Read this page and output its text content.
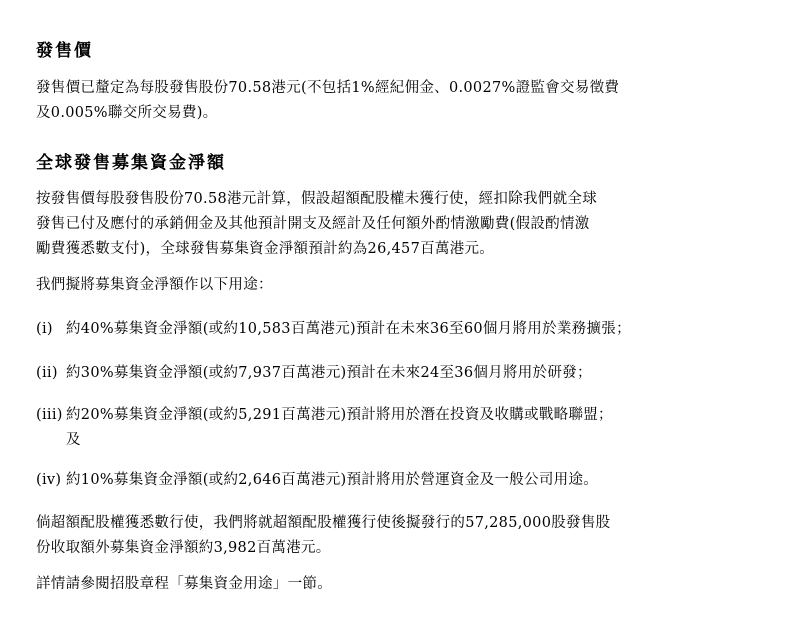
發售價
發售價已釐定為每股發售股份70.58港元(不包括1%經紀佣金、0.0027%證監會交易徵費
及0.005%聯交所交易費)。
全球發售募集資金淨額
按發售價每股發售股份70.58港元計算，假設超額配股權未獲行使，經扣除我們就全球
發售已付及應付的承銷佣金及其他預計開支及經計及任何額外酌情激勵費(假設酌情激
勵費獲悉數支付)，全球發售募集資金淨額預計約為26,457百萬港元。
我們擬將募集資金淨額作以下用途：
(i) 約40%募集資金淨額(或約10,583百萬港元)預計在未來36至60個月將用於業務擴張；
(ii) 約30%募集資金淨額(或約7,937百萬港元)預計在未來24至36個月將用於研發；
(iii) 約20%募集資金淨額(或約5,291百萬港元)預計將用於潛在投資及收購或戰略聯盟；
及
(iv) 約10%募集資金淨額(或約2,646百萬港元)預計將用於營運資金及一般公司用途。
倘超額配股權獲悉數行使，我們將就超額配股權獲行使後擬發行的57,285,000股發售股
份收取額外募集資金淨額約3,982百萬港元。
詳情請參閱招股章程「募集資金用途」一節。
